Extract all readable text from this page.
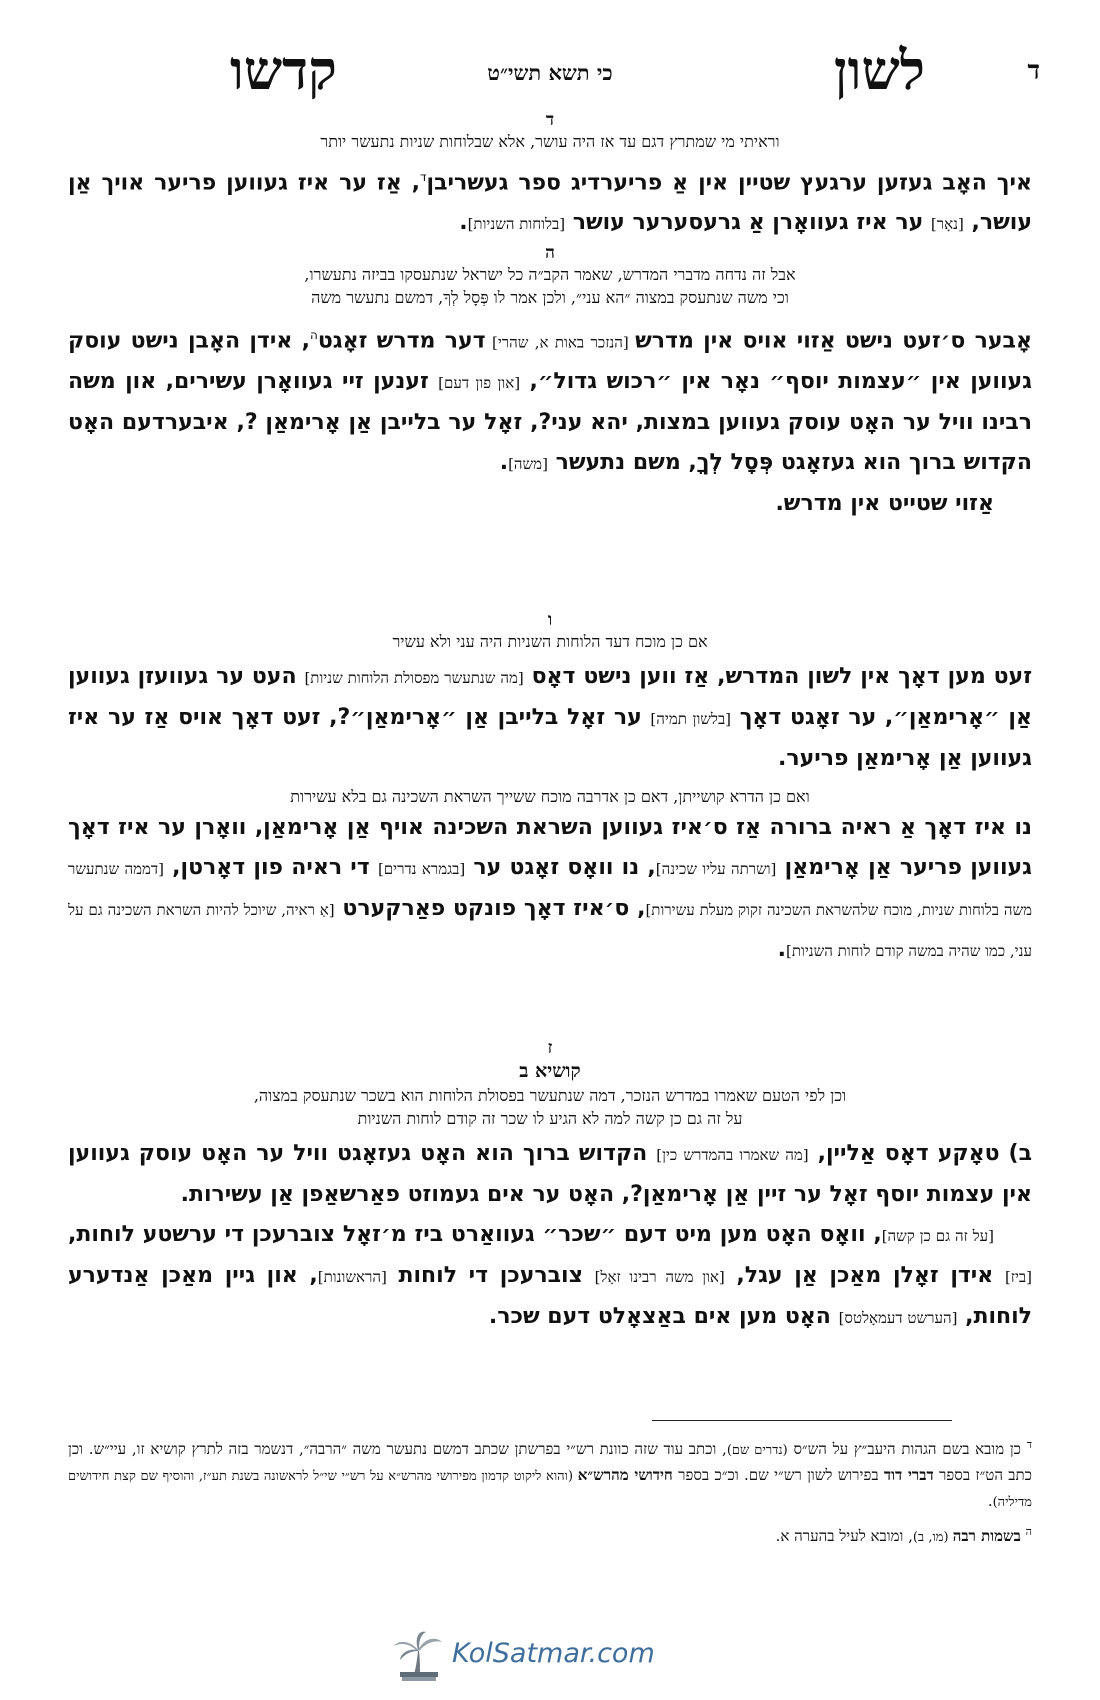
ד
לשון
כי תשא תשי״ט
קדשו
ד
וראיתי מי שמתרץ דגם עד אז היה עושר, אלא שבלוחות שניות נתעשר יותר

איך האָב געזען ערגעץ שטיין אין אַ פריערדיג ספר געשריבן$^ד$, אַז ער איז געווען פריער אויך אַן עושר, [נאָר] ער איז געוואָרן אַ גרעסערער עושר [בלוחות השניות].

ה
אבל זה נדחה מדברי המדרש, שאמר הקב״ה כל ישראל שנתעסקו בביזה נתעשרו,
וכי משה שנתעסק במצוה ״הא עני״, ולכן אמר לו פְּסָל לְךָ, דמשם נתעשר משה

אָבער ס׳זעט נישט אַזוי אויס אין מדרש [הנזכר באות א, שהרי] דער מדרש זאָגט$^ה$, אידן האָבן נישט עוסק געווען אין ״עצמות יוסף״ נאָר אין ״רכוש גדול״, [און פון דעם] זענען זיי געוואָרן עשירים, און משה רבינו וויל ער האָט עוסק געווען במצות, יהא עני?, זאָל ער בלייבן אַן אָרימאַן ?, איבערדעם האָט הקדוש ברוך הוא געזאָגט פְּסָל לְךָ, משם נתעשר [משה].

אַזוי שטייט אין מדרש.

ו
אם כן מוכח דעד הלוחות השניות היה עני ולא עשיר

זעט מען דאָך אין לשון המדרש, אַז ווען נישט דאָס [מה שנתעשר מפסולת הלוחות שניות] העט ער געוועזן געווען אַן ״אָרימאַן״, ער זאָגט דאָך [בלשון תמיה] ער זאָל בלייבן אַן ״אָרימאַן״?, זעט דאָך אויס אַז ער איז געווען אַן אָרימאַן פריער.

ואם כן הדרא קושייתן, דאם כן אדרבה מוכח ששייך השראת השכינה גם בלא עשירות

נו איז דאָך אַ ראיה ברורה אַז ס׳איז געווען השראת השכינה אויף אַן אָרימאַן, וואָרן ער איז דאָך געווען פריער אַן אָרימאַן [ושרתה עליו שכינה], נו וואָס זאָגט ער [בגמרא נדרים] די ראיה פון דאָרטן, [דממה שנתעשר משה בלוחות שניות, מוכח שלהשראת השכינה זקוק מעלת עשירות], ס׳איז דאָך פונקט פאַרקערט [אַ ראיה, שיוכל להיות השראת השכינה גם על עני, כמו שהיה במשה קודם לוחות השניות].

ז
קושיא ב
וכן לפי הטעם שאמרו במדרש הנזכר, דמה שנתעשר בפסולת הלוחות הוא בשכר שנתעסק במצוה,
על זה גם כן קשה למה לא הגיע לו שכר זה קודם לוחות השניות

ב) טאָקע דאָס אַליין, [מה שאמרו בהמדרש כין] הקדוש ברוך הוא האָט געזאָגט וויל ער האָט עוסק געווען אין עצמות יוסף זאָל ער זיין אַן אָרימאַן?, האָט ער אים געמוזט פאַרשאַפן אַן עשירות.

[על זה גם כן קשה], וואָס האָט מען מיט דעם ״שכר״ געוואַרט ביז מ׳זאָל צוברעכן די ערשטע לוחות, [ביז] אידן זאָלן מאַכן אַן עגל, [און משה רבינו זאָל] צוברעכן די לוחות [הראשונות], און גיין מאַכן אַנדערע לוחות, [הערשט דעמאָלטס] האָט מען אים באַצאָלט דעם שכר.

$^ד$ כן מובא בשם הגהות היעב״ץ על הש״ס (נדרים שם), וכתב עוד שזה כוונת רש״י בפרשתן שכתב דמשם נתעשר משה ״הרבה״, דנשמר בזה לתרץ קושיא זו, עיי״ש. וכן כתב הט״ז בספר דברי דוד בפירוש לשון רש״י שם. וכ״כ בספר חידושי מהרש״א (והוא ליקוט קדמון מפירושי מהרש״א על רש״י שי״ל לראשונה בשנת תע״ז, והוסיף שם קצת חידושים מדיליה).

$^ה$ בשמות רבה (מו, ב), ומובא לעיל בהערה א.

KolSatmar.com
